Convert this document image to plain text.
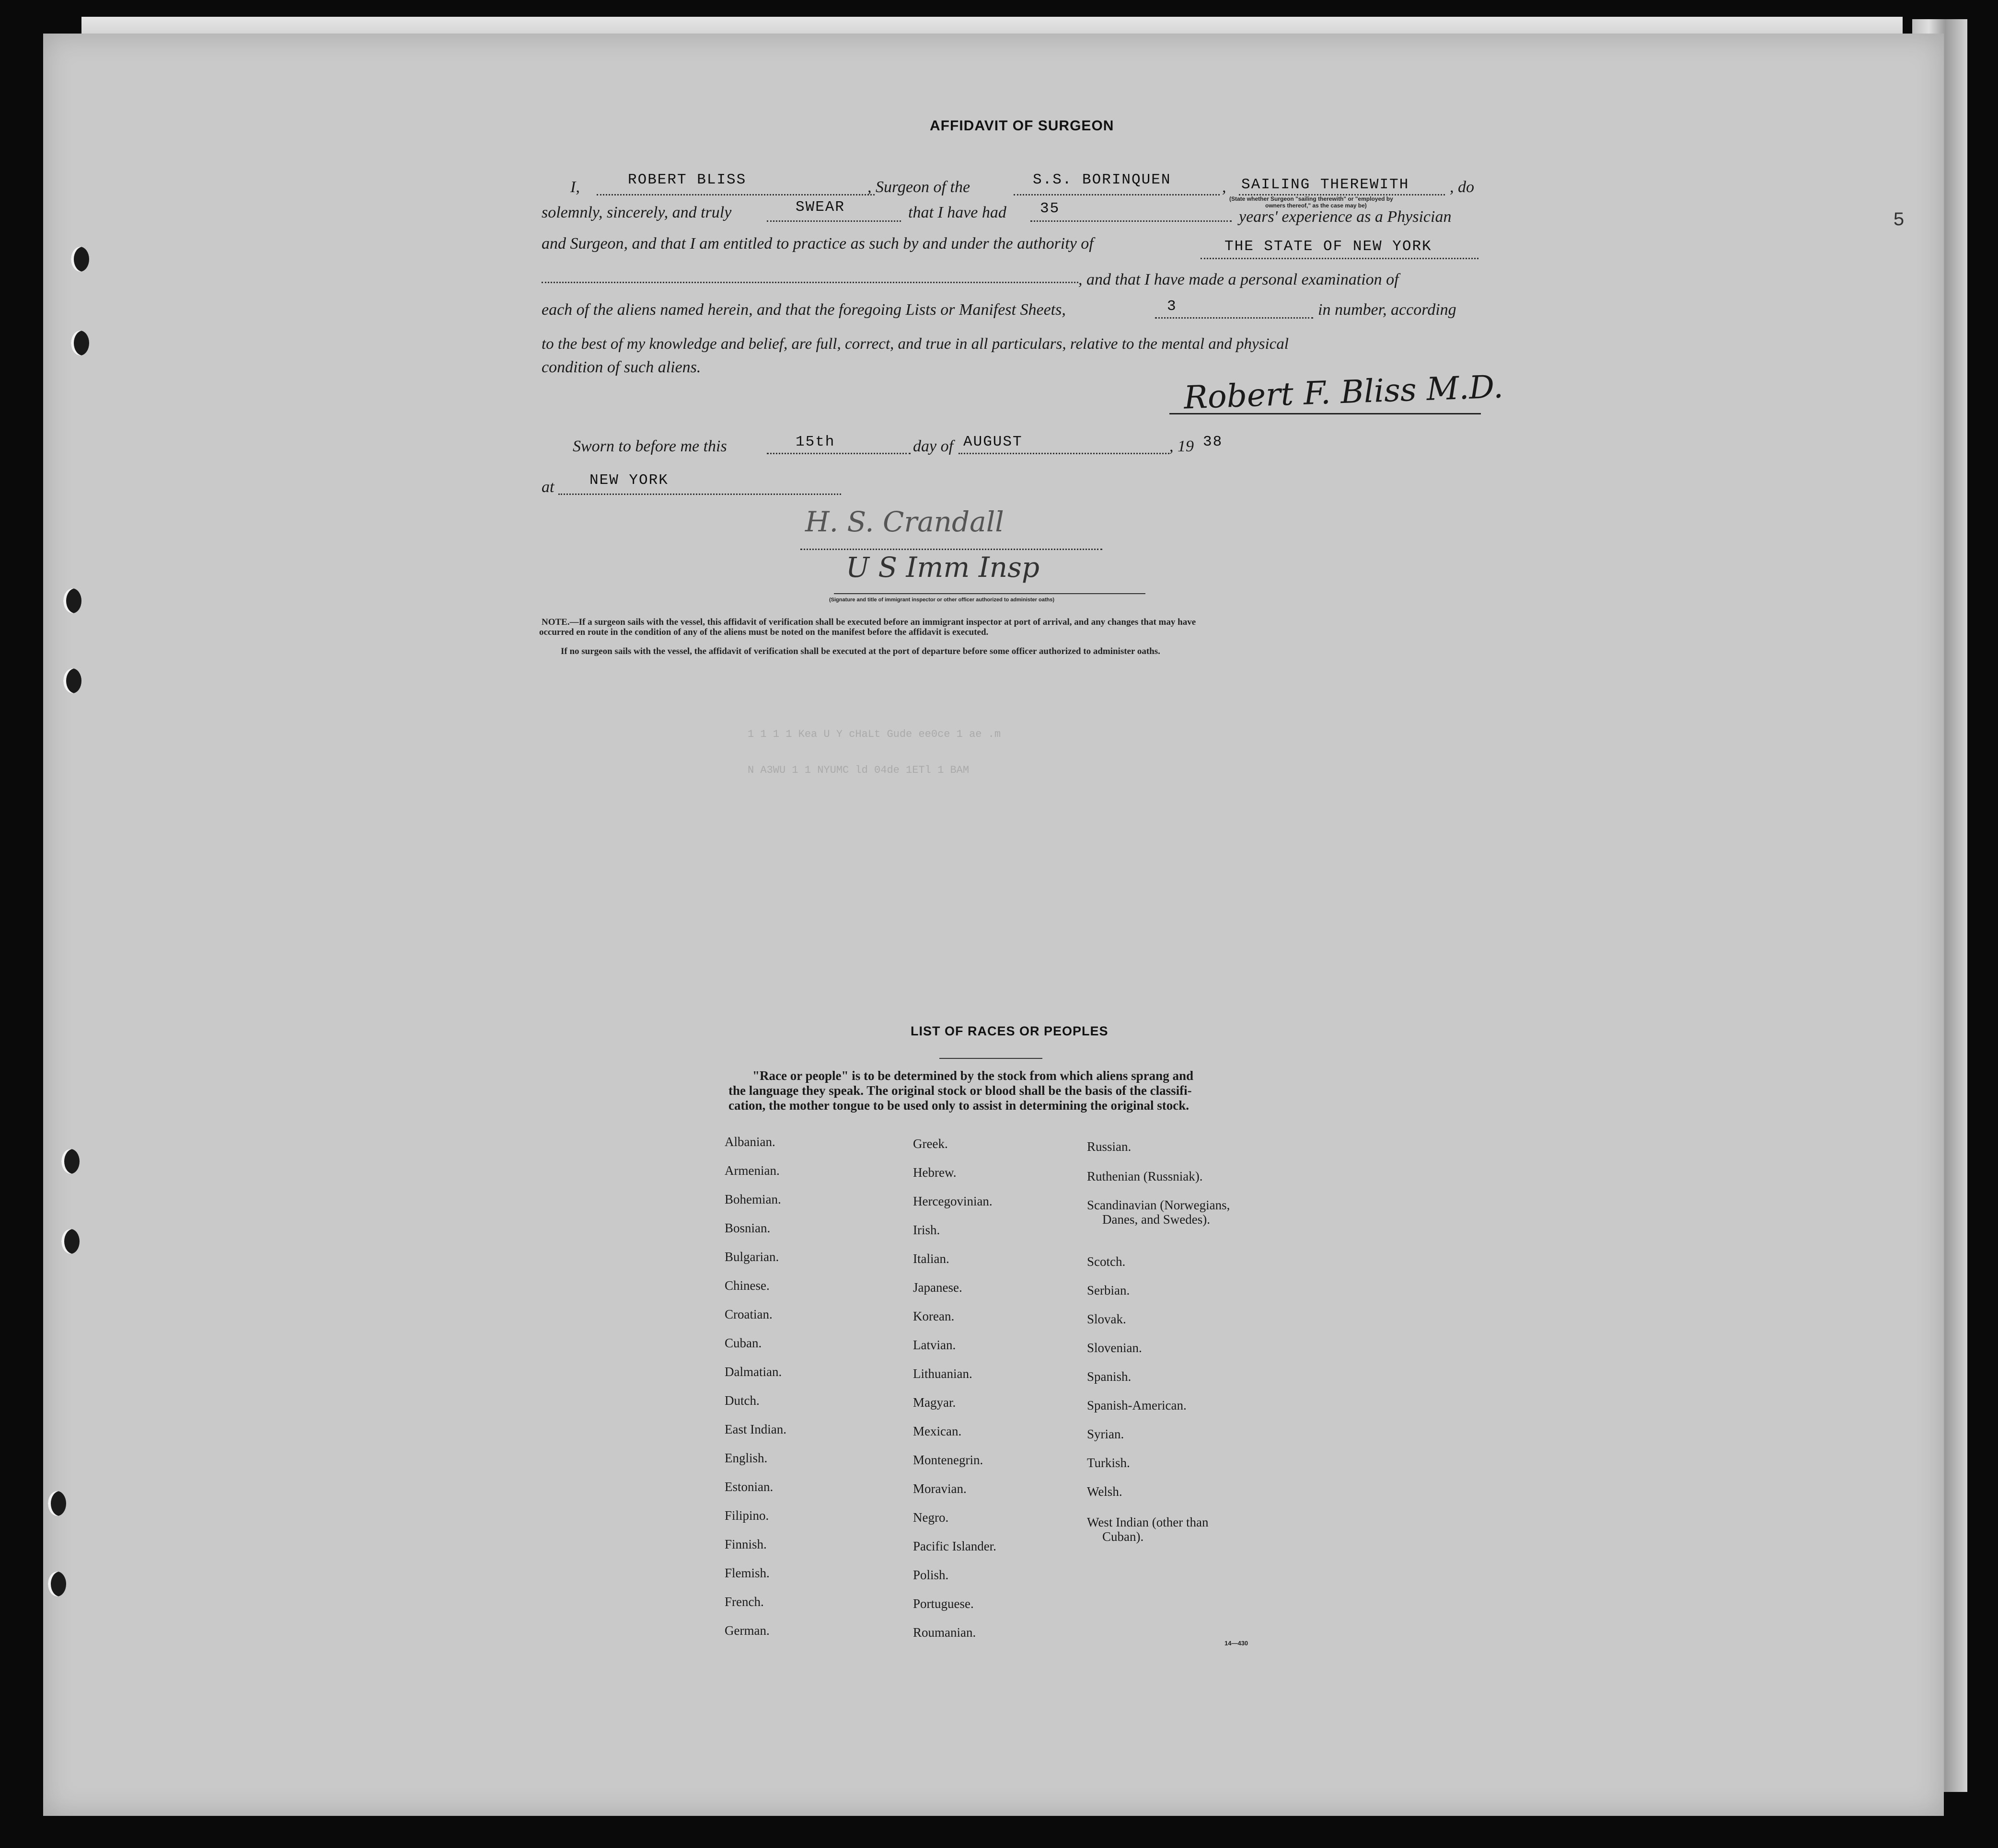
1 1 1 1 Kea U Y cHaLt Gude ee0ce 1 ae .m
N A3WU 1 1 NYUMC ld 04de 1ETl 1 BAM
5
AFFIDAVIT OF SURGEON
I,	ROBERT BLISS	, Surgeon of the	S.S. BORINQUEN	, SAILING THEREWITH
(State whether Surgeon "sailing therewith" or "employed by
owners thereof," as the case may be)
, do
solemnly, sincerely, and truly	SWEAR	that I have had 35	years' experience as a Physician
and Surgeon, and that I am entitled to practice as such by and under the authority of	THE STATE OF NEW YORK
, and that I have made a personal examination of
each of the aliens named herein, and that the foregoing Lists or Manifest Sheets,	3	in number, according
to the best of my knowledge and belief, are full, correct, and true in all particulars, relative to the mental and physical
condition of such aliens.
Robert F. Bliss M.D.
Sworn to before me this	15th	day of AUGUST	, 19 38
at NEW YORK
H. S. Crandall
U S Imm Insp
(Signature and title of immigrant inspector or other officer authorized to administer oaths)
NOTE.—If a surgeon sails with the vessel, this affidavit of verification shall be executed before an immigrant inspector at port of arrival, and any changes that may have
occurred en route in the condition of any of the aliens must be noted on the manifest before the affidavit is executed.
If no surgeon sails with the vessel, the affidavit of verification shall be executed at the port of departure before some officer authorized to administer oaths.
LIST OF RACES OR PEOPLES
"Race or people" is to be determined by the stock from which aliens sprang and
the language they speak. The original stock or blood shall be the basis of the classifi-
cation, the mother tongue to be used only to assist in determining the original stock.
Albanian.
Armenian.
Bohemian.
Bosnian.
Bulgarian.
Chinese.
Croatian.
Cuban.
Dalmatian.
Dutch.
East Indian.
English.
Estonian.
Filipino.
Finnish.
Flemish.
French.
German.
Greek.
Hebrew.
Hercegovinian.
Irish.
Italian.
Japanese.
Korean.
Latvian.
Lithuanian.
Magyar.
Mexican.
Montenegrin.
Moravian.
Negro.
Pacific Islander.
Polish.
Portuguese.
Roumanian.
Russian.
Ruthenian (Russniak).
Scandinavian (Norwegians,
Danes, and Swedes).
Scotch.
Serbian.
Slovak.
Slovenian.
Spanish.
Spanish-American.
Syrian.
Turkish.
Welsh.
West Indian (other than
Cuban).
14—430
